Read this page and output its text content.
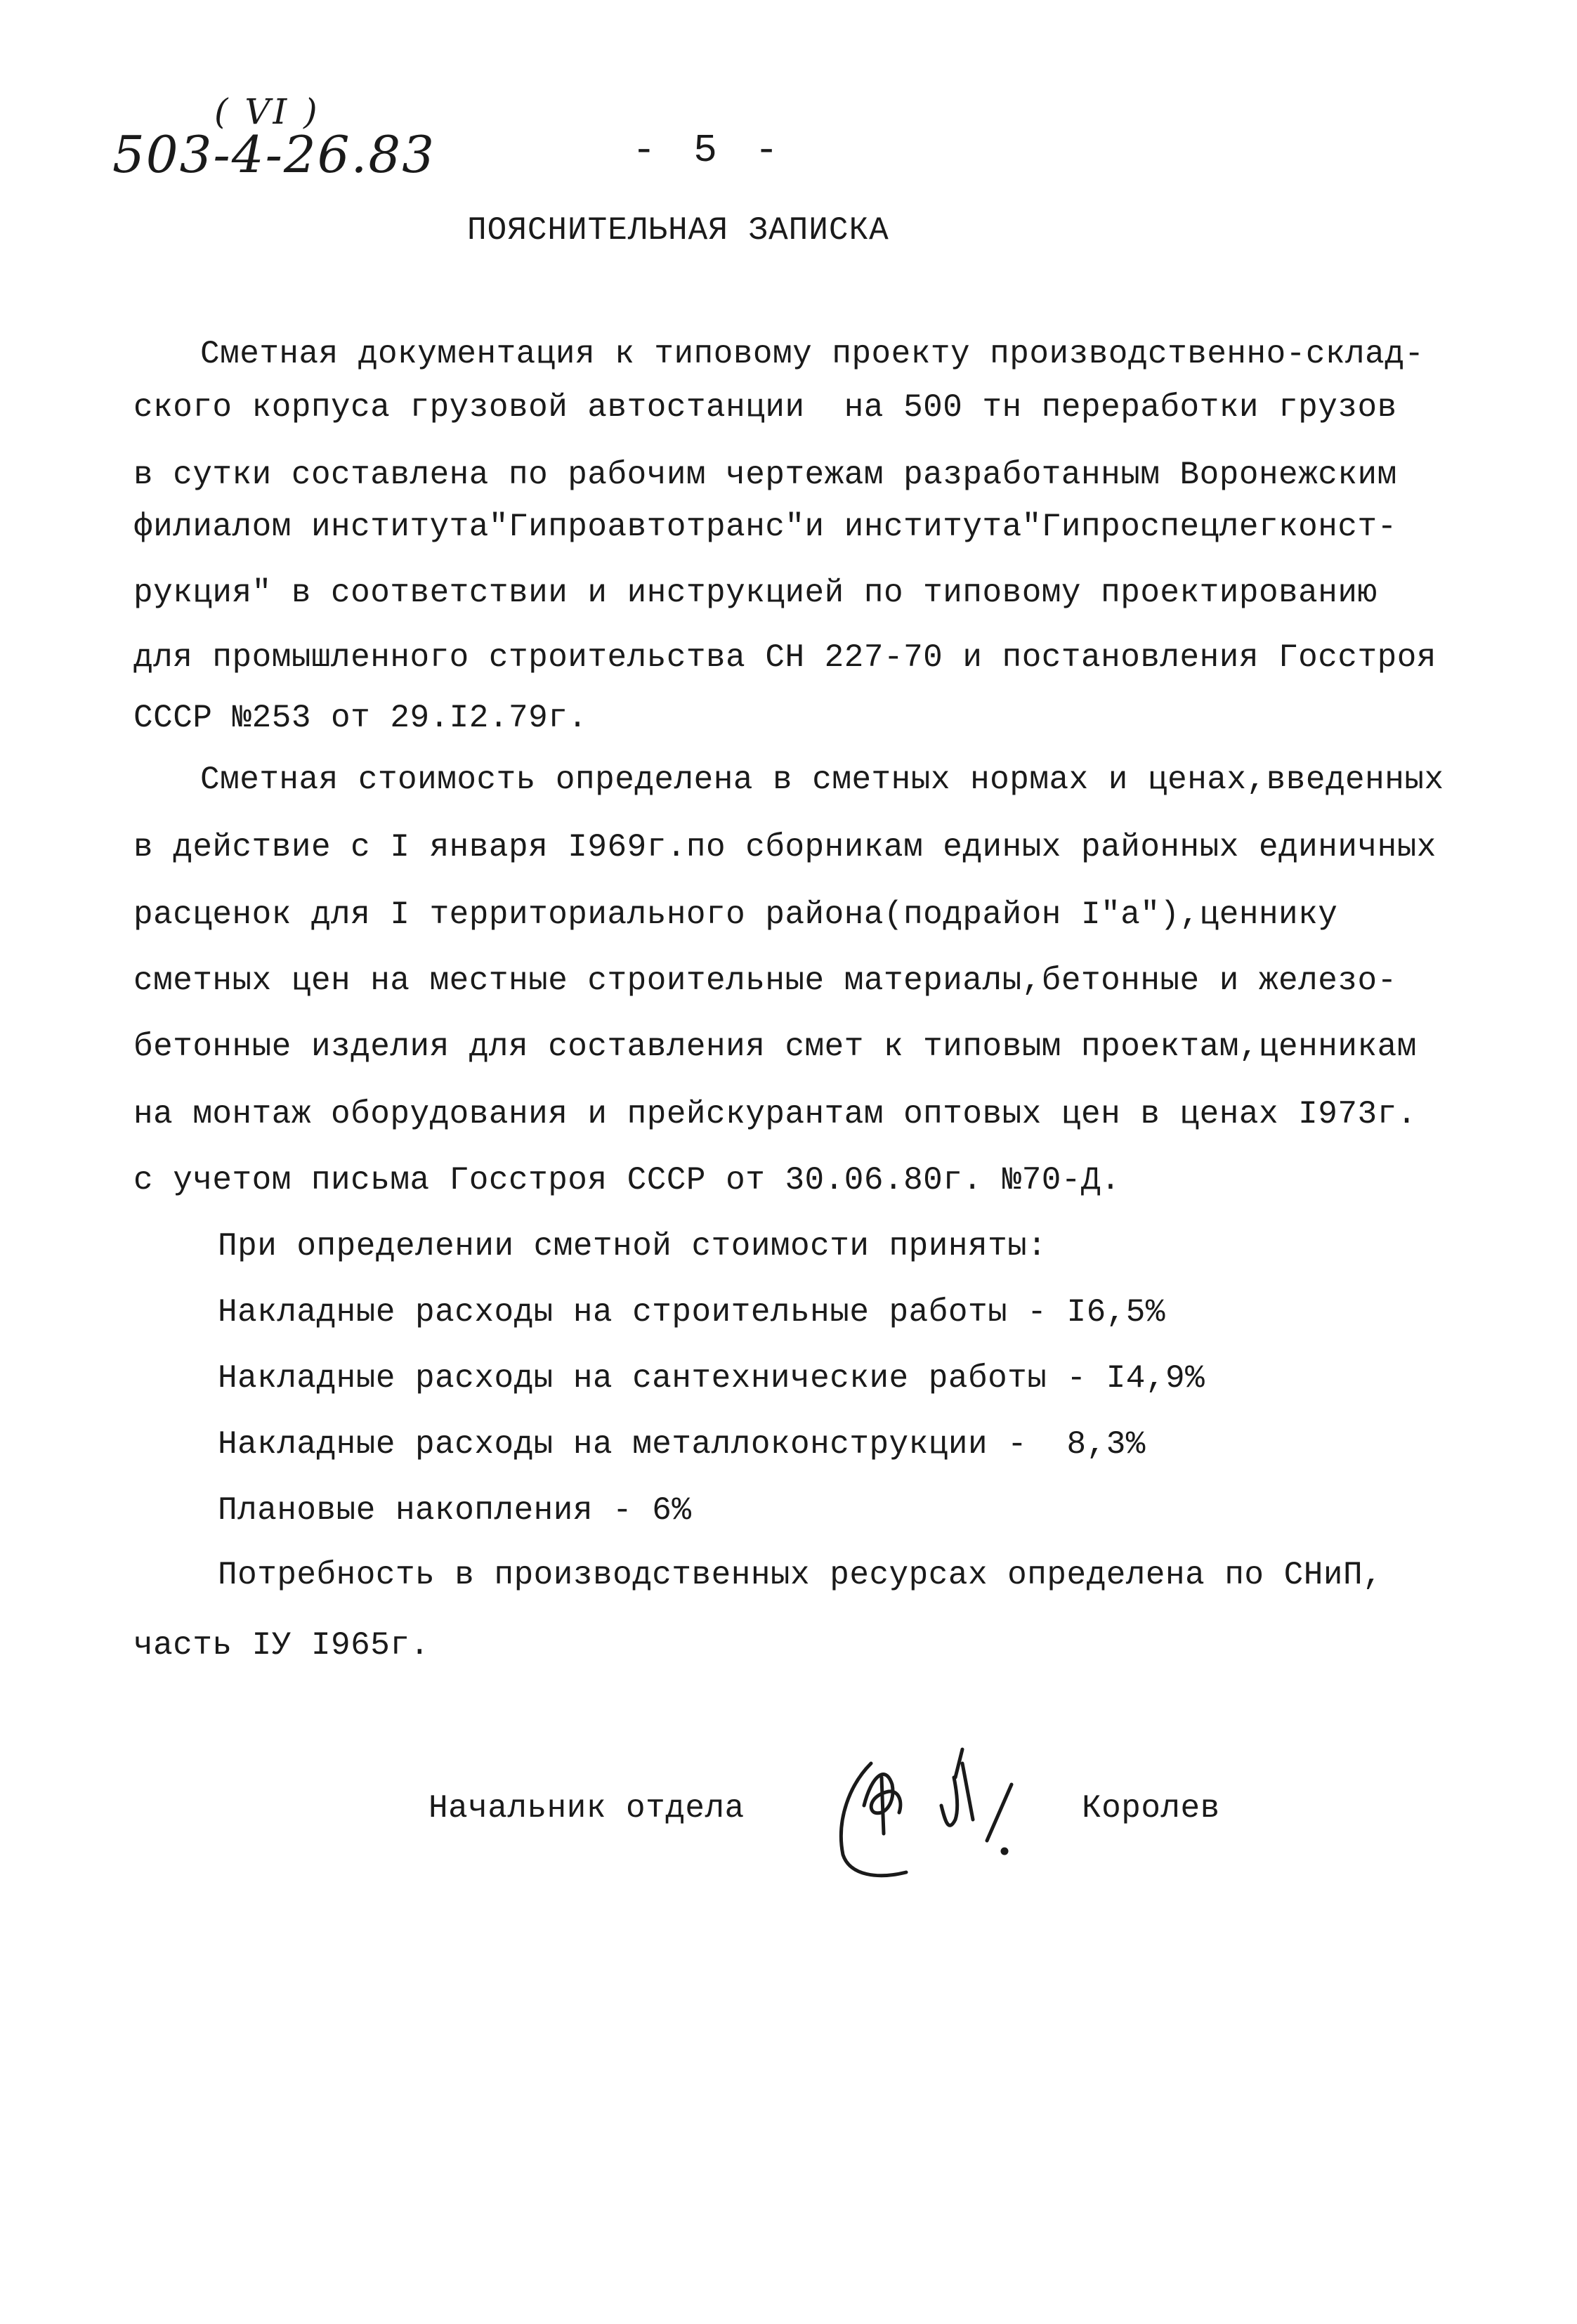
( VI )
503-4-26.83	- 5 -
ПОЯСНИТЕЛЬНАЯ ЗАПИСКА
Сметная документация к типовому проекту производственно-склад-
ского корпуса грузовой автостанции  на 500 тн переработки грузов
в сутки составлена по рабочим чертежам разработанным Воронежским
филиалом института"Гипроавтотранс"и института"Гипроспецлегконст-
рукция" в соответствии и инструкцией по типовому проектированию
для промышленного строительства СН 227-70 и постановления Госстроя
СССР №253 от 29.I2.79г.
Сметная стоимость определена в сметных нормах и ценах,введенных
в действие с I января I969г.по сборникам единых районных единичных
расценок для I территориального района(подрайон I"а"),ценнику
сметных цен на местные строительные материалы,бетонные и железо-
бетонные изделия для составления смет к типовым проектам,ценникам
на монтаж оборудования и прейскурантам оптовых цен в ценах I973г.
с учетом письма Госстроя СССР от 30.06.80г. №70-Д.
При определении сметной стоимости приняты:
Накладные расходы на строительные работы - I6,5%
Накладные расходы на сантехнические работы - I4,9%
Накладные расходы на металлоконструкции -  8,3%
Плановые накопления - 6%
Потребность в производственных ресурсах определена по СНиП,
часть IУ I965г.
Начальник отдела	Королев
